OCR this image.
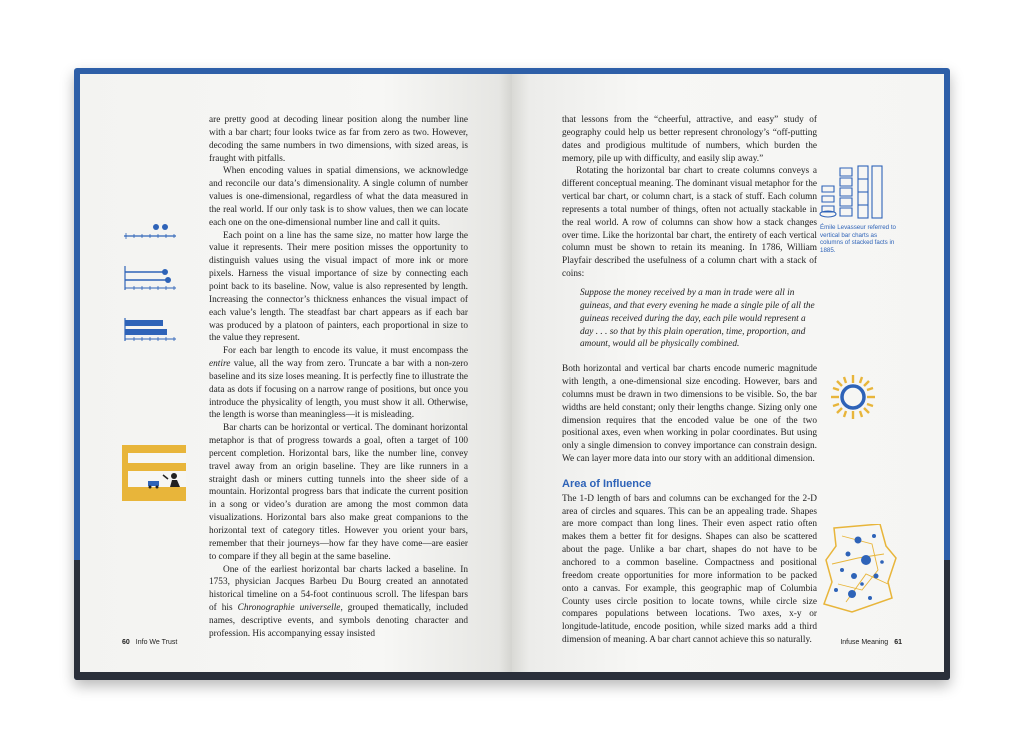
are pretty good at decoding linear position along the number line with a bar chart; four looks twice as far from zero as two. However, decoding the same numbers in two dimensions, with sized areas, is fraught with pitfalls.

When encoding values in spatial dimensions, we acknowledge and reconcile our data’s dimensionality. A single column of number values is one-dimensional, regardless of what the data measured in the real world. If our only task is to show values, then we can locate each one on the one-dimensional number line and call it quits.

Each point on a line has the same size, no matter how large the value it represents. Their mere position misses the opportunity to distinguish values using the visual impact of more ink or more pixels. Harness the visual importance of size by connecting each point back to its baseline. Now, value is also represented by length. Increasing the connector’s thickness enhances the visual impact of each value’s length. The steadfast bar chart appears as if each bar was produced by a platoon of painters, each proportional in size to the value they represent.

For each bar length to encode its value, it must encompass the entire value, all the way from zero. Truncate a bar with a non-zero baseline and its size loses meaning. It is perfectly fine to illustrate the data as dots if focusing on a narrow range of positions, but once you introduce the physicality of length, you must show it all. Otherwise, the length is worse than meaningless—it is misleading.

Bar charts can be horizontal or vertical. The dominant horizontal metaphor is that of progress towards a goal, often a target of 100 percent completion. Horizontal bars, like the number line, convey travel away from an origin baseline. They are like runners in a straight dash or miners cutting tunnels into the sheer side of a mountain. Horizontal progress bars that indicate the current position in a song or video’s duration are among the most common data visualizations. Horizontal bars also make great companions to the horizontal text of category titles. However you orient your bars, remember that their journeys—how far they have come—are easier to compare if they all begin at the same baseline.

One of the earliest horizontal bar charts lacked a baseline. In 1753, physician Jacques Barbeu Du Bourg created an annotated historical timeline on a 54-foot continuous scroll. The lifespan bars of his Chronographie universelle, grouped thematically, included names, descriptive events, and symbols denoting character and profession. His accompanying essay insisted

60 Info We Trust

that lessons from the “cheerful, attractive, and easy” study of geography could help us better represent chronology’s “off-putting dates and prodigious multitude of numbers, which burden the memory, pile up with difficulty, and easily slip away.”

Rotating the horizontal bar chart to create columns conveys a different conceptual meaning. The dominant visual metaphor for the vertical bar chart, or column chart, is a stack of stuff. Each column represents a total number of things, often not actually stackable in the real world. A row of columns can show how a stack changes over time. Like the horizontal bar chart, the entirety of each vertical column must be shown to retain its meaning. In 1786, William Playfair described the usefulness of a column chart with a stack of coins:

Suppose the money received by a man in trade were all in guineas, and that every evening he made a single pile of all the guineas received during the day, each pile would represent a day . . . so that by this plain operation, time, proportion, and amount, would all be physically combined.

Both horizontal and vertical bar charts encode numeric magnitude with length, a one-dimensional size encoding. However, bars and columns must be drawn in two dimensions to be visible. So, the bar widths are held constant; only their lengths change. Sizing only one dimension requires that the encoded value be one of the two positional axes, even when working in polar coordinates. But using only a single dimension to convey importance can constrain design. We can layer more data into our story with an additional dimension.

Area of Influence

The 1-D length of bars and columns can be exchanged for the 2-D area of circles and squares. This can be an appealing trade. Shapes are more compact than long lines. Their even aspect ratio often makes them a better fit for designs. Shapes can also be scattered about the page. Unlike a bar chart, shapes do not have to be anchored to a common baseline. Compactness and positional freedom create opportunities for more information to be packed onto a canvas. For example, this geographic map of Columbia County uses circle position to locate towns, while circle size compares populations between locations. Two axes, x-y or longitude-latitude, encode position, while sized marks add a third dimension of meaning. A bar chart cannot achieve this so naturally.

Émile Levasseur referred to vertical bar charts as columns of stacked facts in 1885.
Infuse Meaning 61
